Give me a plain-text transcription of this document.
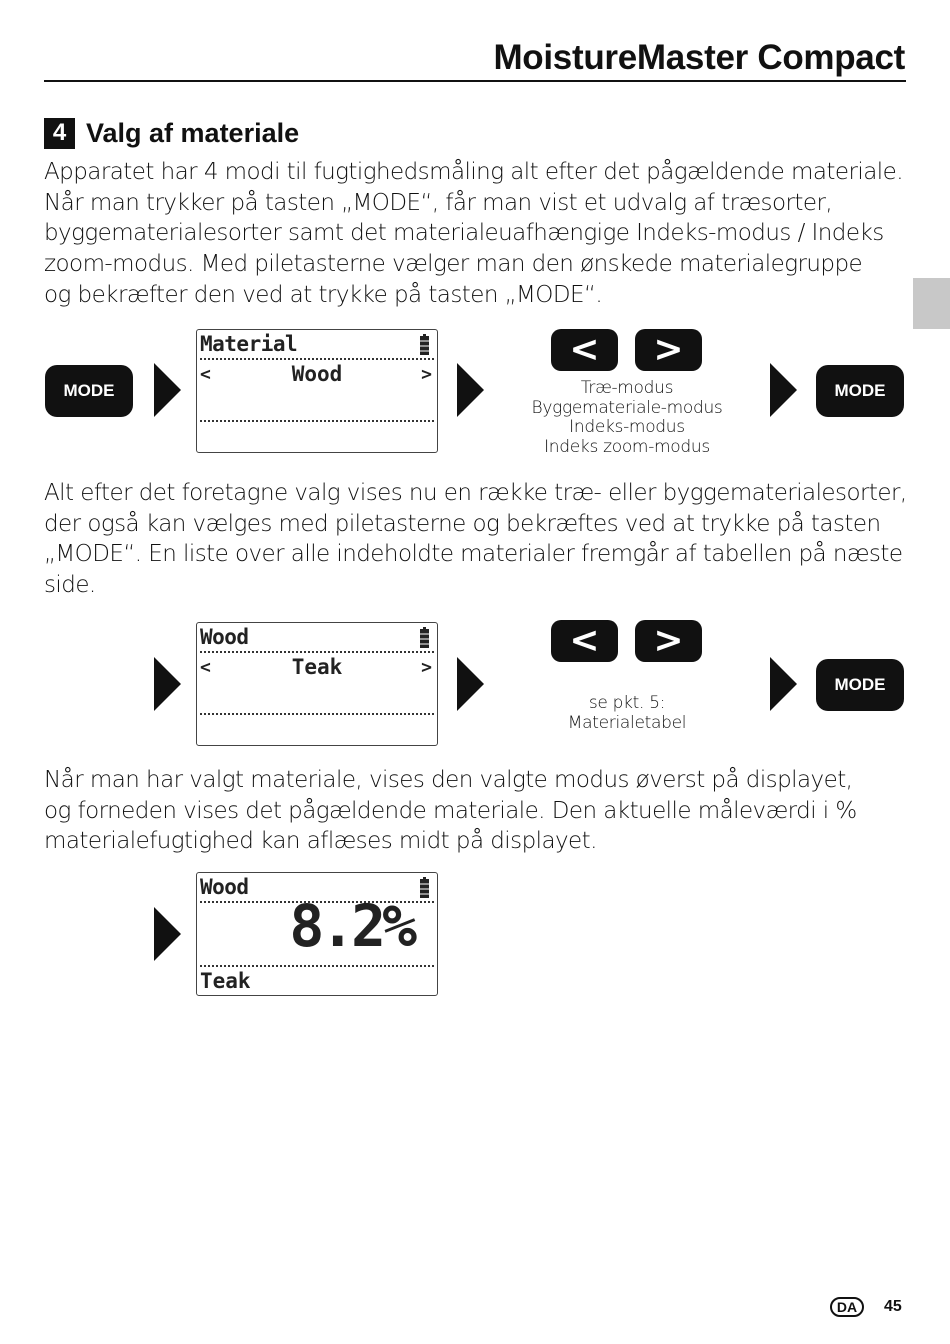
MoistureMaster Compact
4 Valg af materiale
Apparatet har 4 modi til fugtighedsmåling alt efter det pågældende materiale.
Når man trykker på tasten „MODE“, får man vist et udvalg af træsorter,
byggematerialesorter samt det materialeuafhængige Indeks-modus / Indeks
zoom-modus. Med piletasterne vælger man den ønskede materialegruppe
og bekræfter den ved at trykke på tasten „MODE“.
MODE
Material
<	Wood	>
<	>
Træ-modus
Byggemateriale-modus
Indeks-modus
Indeks zoom-modus
MODE
Alt efter det foretagne valg vises nu en række træ- eller byggematerialesorter,
der også kan vælges med piletasterne og bekræftes ved at trykke på tasten
„MODE“. En liste over alle indeholdte materialer fremgår af tabellen på næste
side.
Wood
<	Teak	>
<	>
se pkt. 5:
Materialetabel
MODE
Når man har valgt materiale, vises den valgte modus øverst på displayet,
og forneden vises det pågældende materiale. Den aktuelle måleværdi i %
materialefugtighed kan aflæses midt på displayet.
Wood
8.2%
Teak
DA	45
